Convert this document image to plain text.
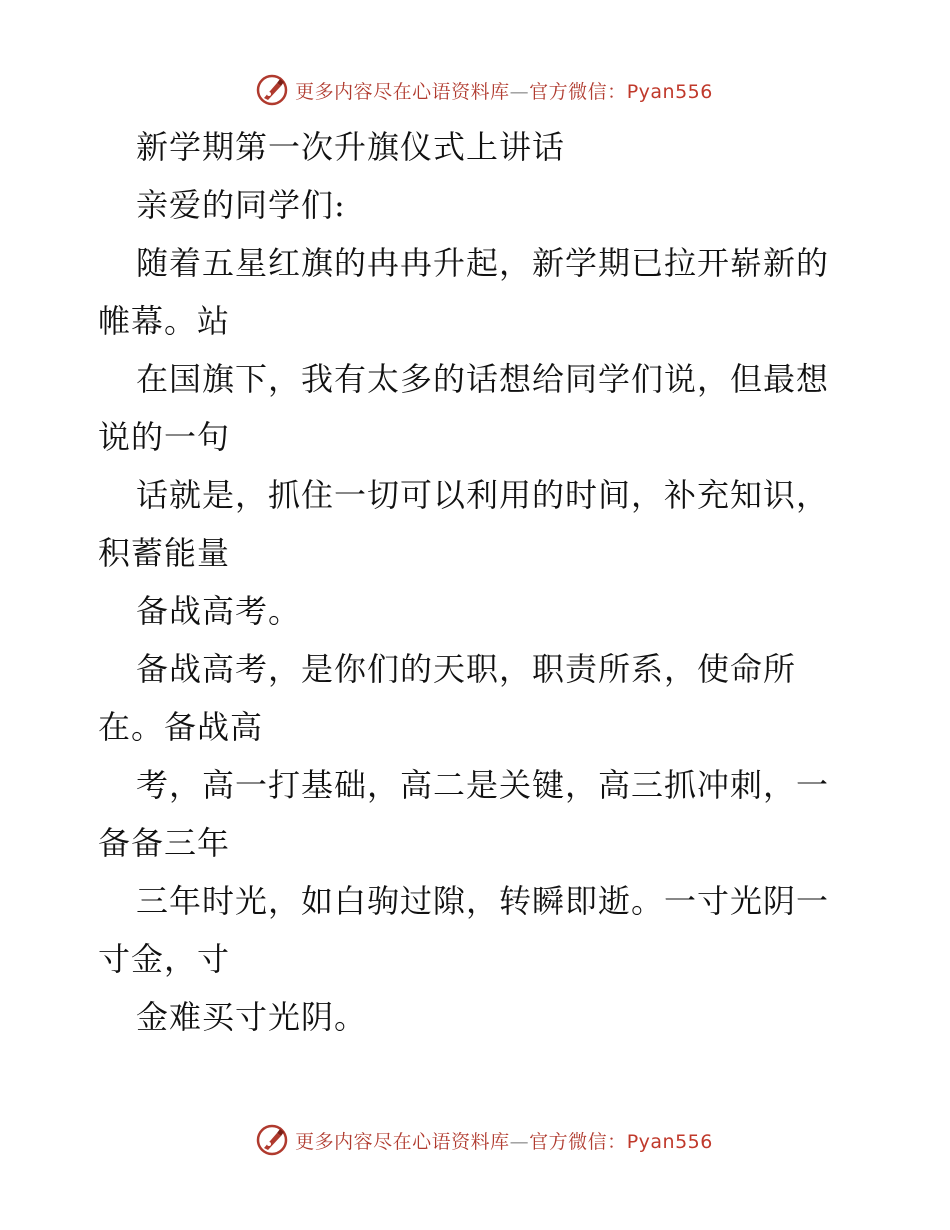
更多内容尽在心语资料库—官方微信：Pyan556
新学期第一次升旗仪式上讲话
亲爱的同学们:
随着五星红旗的冉冉升起，新学期已拉开崭新的
帷幕。站
在国旗下，我有太多的话想给同学们说，但最想
说的一句
话就是，抓住一切可以利用的时间，补充知识，
积蓄能量
备战高考。
备战高考，是你们的天职，职责所系，使命所
在。备战高
考，高一打基础，高二是关键，高三抓冲刺，一
备备三年
三年时光，如白驹过隙，转瞬即逝。一寸光阴一
寸金，寸
金难买寸光阴。
更多内容尽在心语资料库—官方微信：Pyan556
